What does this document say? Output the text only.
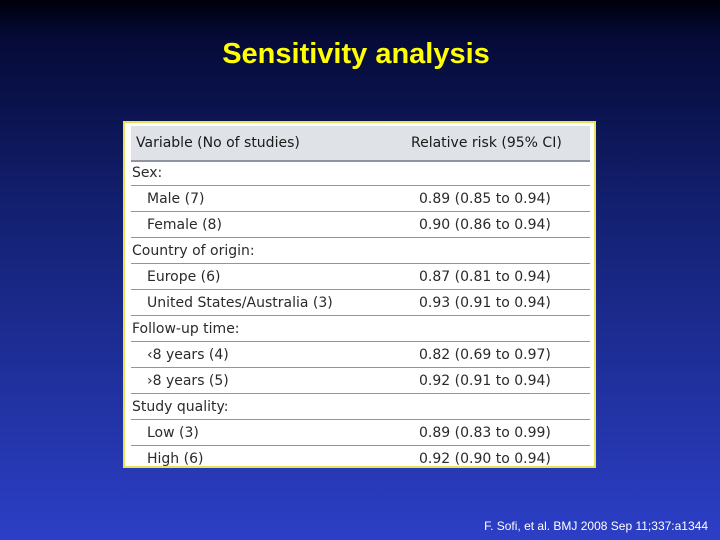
Sensitivity analysis
Variable (No of studies)	Relative risk (95% CI)
Sex:
Male (7)	0.89 (0.85 to 0.94)
Female (8)	0.90 (0.86 to 0.94)
Country of origin:
Europe (6)	0.87 (0.81 to 0.94)
United States/Australia (3)	0.93 (0.91 to 0.94)
Follow-up time:
‹8 years (4)	0.82 (0.69 to 0.97)
›8 years (5)	0.92 (0.91 to 0.94)
Study quality:
Low (3)	0.89 (0.83 to 0.99)
High (6)	0.92 (0.90 to 0.94)
F. Sofi, et al. BMJ 2008 Sep 11;337:a1344
